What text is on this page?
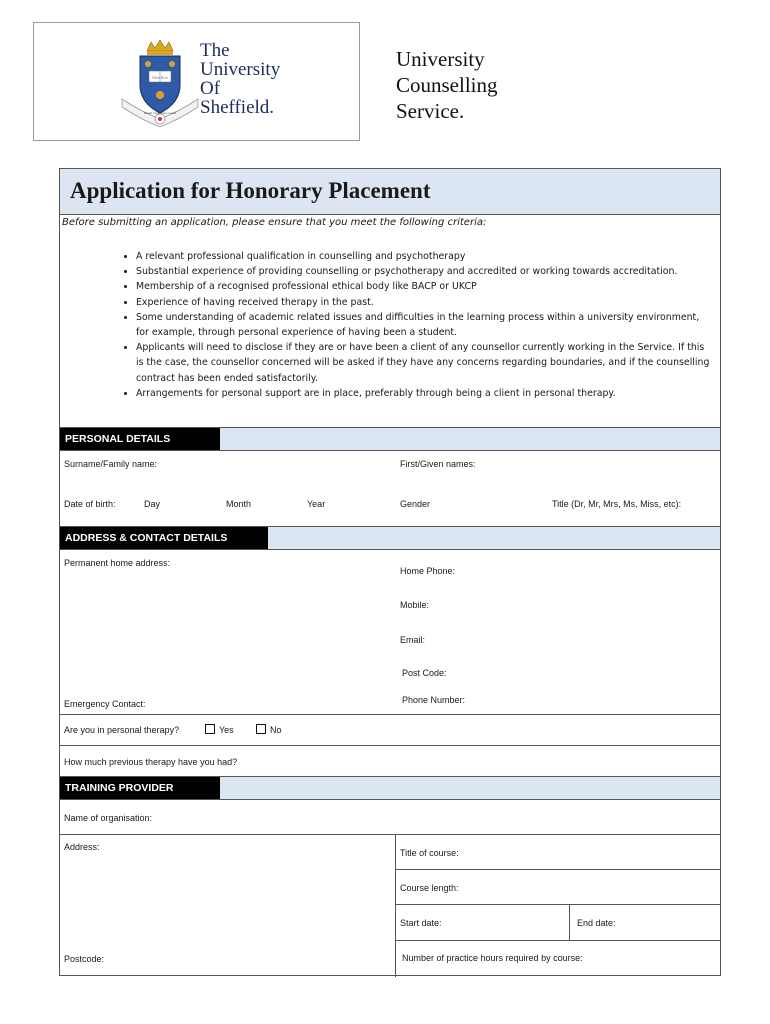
Disce Doce
Rerum Cognoscere Causas
The
University
Of
Sheffield.
University
Counselling
Service.
Application for Honorary Placement
Before submitting an application, please ensure that you meet the following criteria:
• A relevant professional qualification in counselling and psychotherapy
• Substantial experience of providing counselling or psychotherapy and accredited or working towards accreditation.
• Membership of a recognised professional ethical body like BACP or UKCP
• Experience of having received therapy in the past.
• Some understanding of academic related issues and difficulties in the learning process within a university environment, for example, through personal experience of having been a student.
• Applicants will need to disclose if they are or have been a client of any counsellor currently working in the Service. If this is the case, the counsellor concerned will be asked if they have any concerns regarding boundaries, and if the counselling contract has been ended satisfactorily.
• Arrangements for personal support are in place, preferably through being a client in personal therapy.
PERSONAL DETAILS
Surname/Family name:	First/Given names:
Date of birth:	Day	Month	Year	Gender	Title (Dr, Mr, Mrs, Ms, Miss, etc):
ADDRESS & CONTACT DETAILS
Permanent home address:
Home Phone:
Mobile:
Email:
Post Code:
Emergency Contact:	Phone Number:
Are you in personal therapy?	Yes	No
How much previous therapy have you had?
TRAINING PROVIDER
Name of organisation:
Address:
Title of course:
Course length:
Start date:	End date:
Postcode:	Number of practice hours required by course:
